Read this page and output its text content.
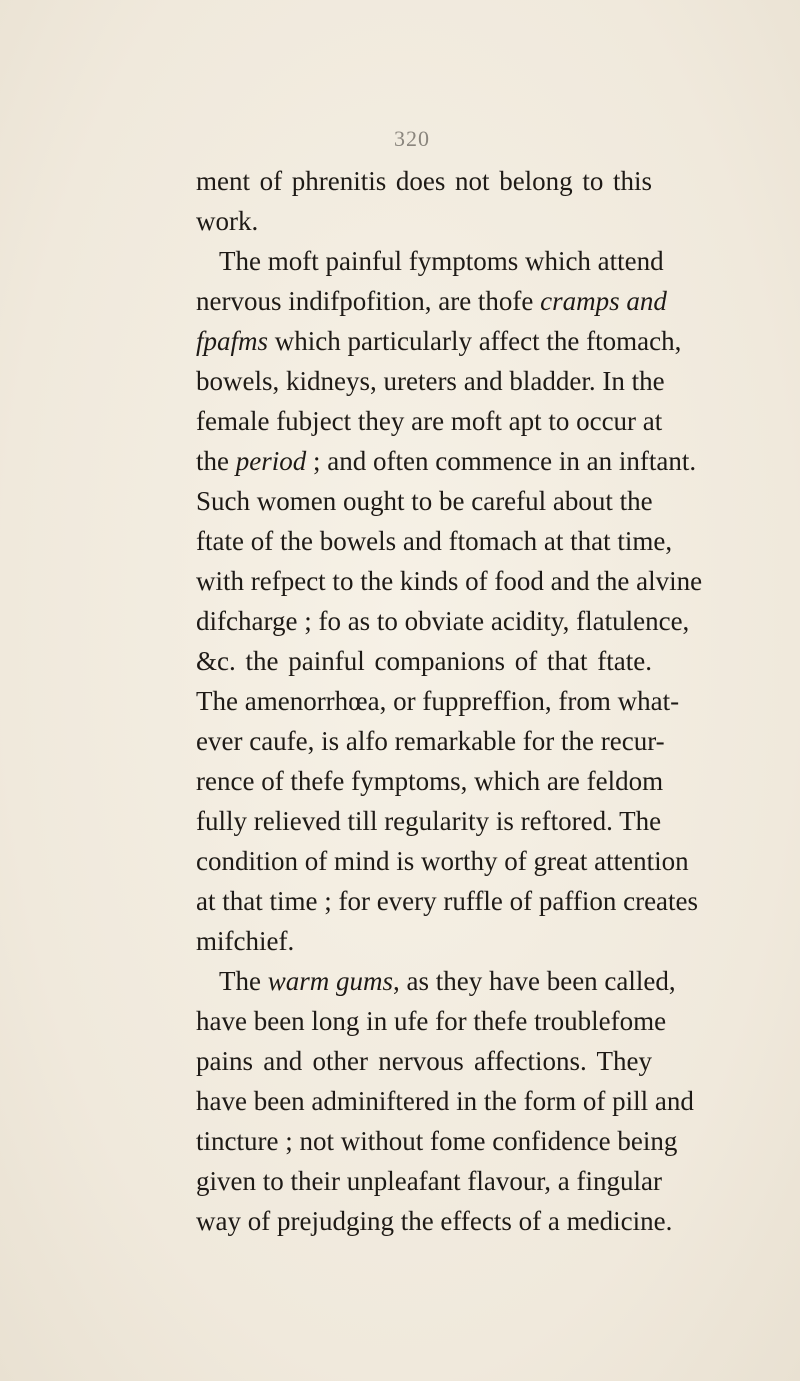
320
ment of phrenitis does not belong to this
work.
The moft painful fymptoms which attend
nervous indifpofition, are thofe cramps and
fpafms which particularly affect the ftomach,
bowels, kidneys, ureters and bladder. In the
female fubject they are moft apt to occur at
the period ; and often commence in an inftant.
Such women ought to be careful about the
ftate of the bowels and ftomach at that time,
with refpect to the kinds of food and the alvine
difcharge ; fo as to obviate acidity, flatulence,
&c. the painful companions of that ftate.
The amenorrhœa, or fuppreffion, from what-
ever caufe, is alfo remarkable for the recur-
rence of thefe fymptoms, which are feldom
fully relieved till regularity is reftored. The
condition of mind is worthy of great attention
at that time ; for every ruffle of paffion creates
mifchief.
The warm gums, as they have been called,
have been long in ufe for thefe troublefome
pains and other nervous affections. They
have been adminiftered in the form of pill and
tincture ; not without fome confidence being
given to their unpleafant flavour, a fingular
way of prejudging the effects of a medicine.
